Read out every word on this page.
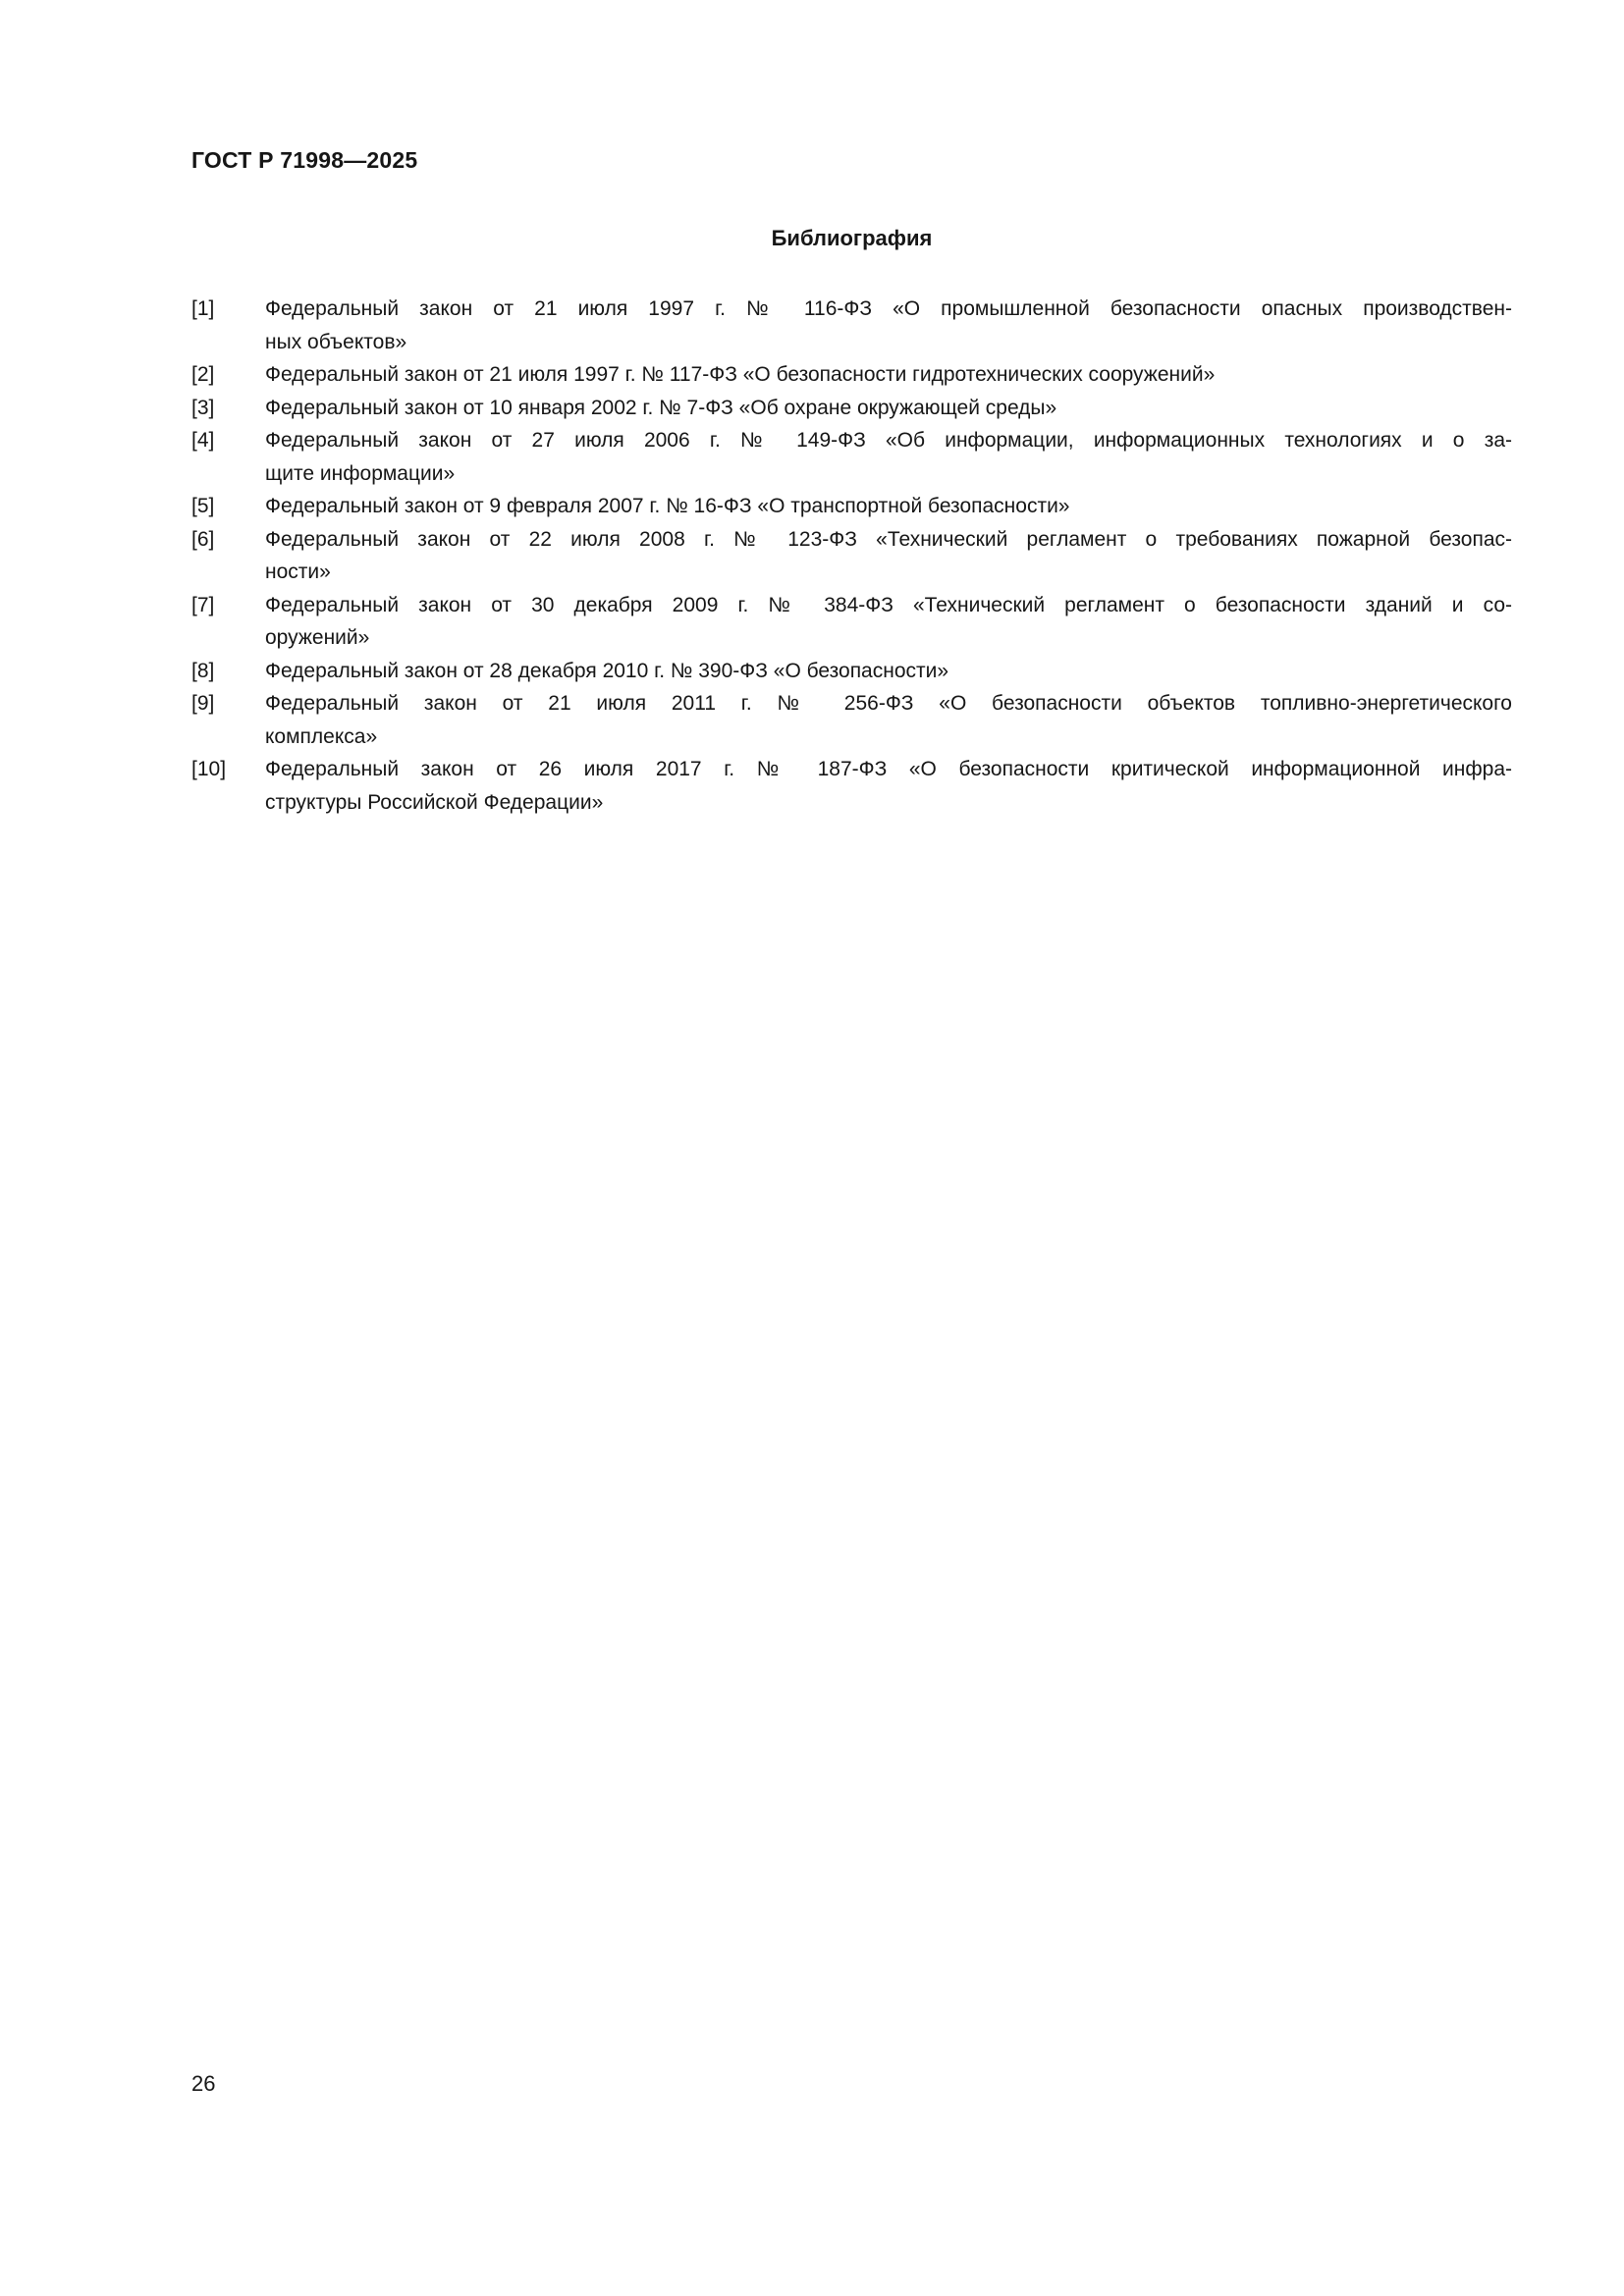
ГОСТ Р 71998—2025
Библиография
[1]	Федеральный закон от 21 июля 1997 г. № 116-ФЗ «О промышленной безопасности опасных производствен-
ных объектов»
[2]	Федеральный закон от 21 июля 1997 г. № 117-ФЗ «О безопасности гидротехнических сооружений»
[3]	Федеральный закон от 10 января 2002 г. № 7-ФЗ «Об охране окружающей среды»
[4]	Федеральный закон от 27 июля 2006 г. № 149-ФЗ «Об информации, информационных технологиях и о за-
щите информации»
[5]	Федеральный закон от 9 февраля 2007 г. № 16-ФЗ «О транспортной безопасности»
[6]	Федеральный закон от 22 июля 2008 г. № 123-ФЗ «Технический регламент о требованиях пожарной безопас-
ности»
[7]	Федеральный закон от 30 декабря 2009 г. № 384-ФЗ «Технический регламент о безопасности зданий и со-
оружений»
[8]	Федеральный закон от 28 декабря 2010 г. № 390-ФЗ «О безопасности»
[9]	Федеральный закон от 21 июля 2011 г. № 256-ФЗ «О безопасности объектов топливно-энергетического
комплекса»
[10]	Федеральный закон от 26 июля 2017 г. № 187-ФЗ «О безопасности критической информационной инфра-
структуры Российской Федерации»
26
